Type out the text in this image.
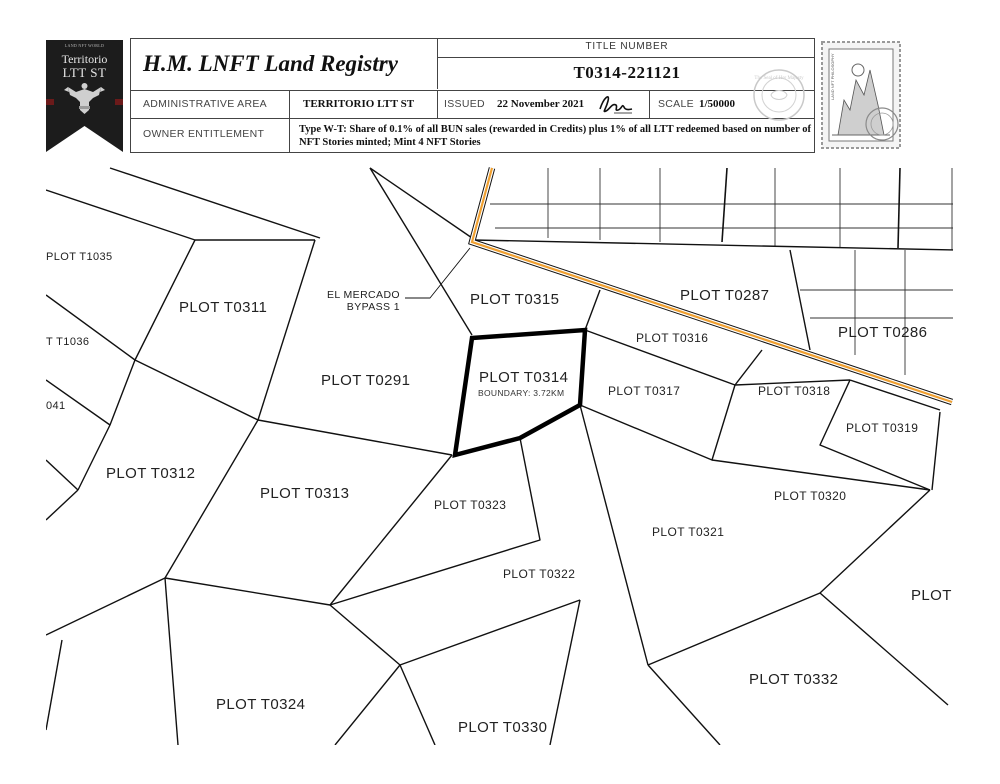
LAND NFT WORLD
Territorio
LTT ST	H.M. LNFT Land Registry
TITLE NUMBER
T0314-221121
ADMINISTRATIVE AREA	TERRITORIO LTT ST	ISSUED 22 November 2021	SCALE 1/50000
OWNER ENTITLEMENT	Type W-T: Share of 0.1% of all BUN sales (rewarded in Credits) plus 1% of all LTT redeemed based on number of NFT Stories minted; Mint 4 NFT Stories
The Seal of Her Majesty	LAND NFT PHILOSOPHY
PLOT T1035
T T1036
041
PLOT T0311
PLOT T0291
PLOT T0315	PLOT T0287
PLOT T0286
PLOT T0316
PLOT T0314
BOUNDARY: 3.72KM	PLOT T0317	PLOT T0318
PLOT T0319
PLOT T0312
PLOT T0313
PLOT T0323
PLOT T0320
PLOT T0321
PLOT T0322
PLOT
PLOT T0324
PLOT T0330
PLOT T0332
EL MERCADO
BYPASS 1
